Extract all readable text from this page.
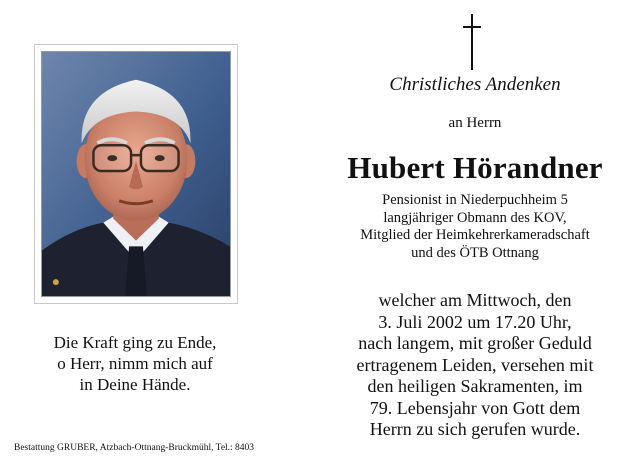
Die Kraft ging zu Ende,
o Herr, nimm mich auf
in Deine Hände.
Bestattung GRUBER, Atzbach-Ottnang-Bruckmühl, Tel.: 8403
Christliches Andenken
an Herrn
Hubert Hörandner
Pensionist in Niederpuchheim 5
langjähriger Obmann des KOV,
Mitglied der Heimkehrerkameradschaft
und des ÖTB Ottnang
welcher am Mittwoch, den
3. Juli 2002 um 17.20 Uhr,
nach langem, mit großer Geduld
ertragenem Leiden, versehen mit
den heiligen Sakramenten, im
79. Lebensjahr von Gott dem
Herrn zu sich gerufen wurde.
